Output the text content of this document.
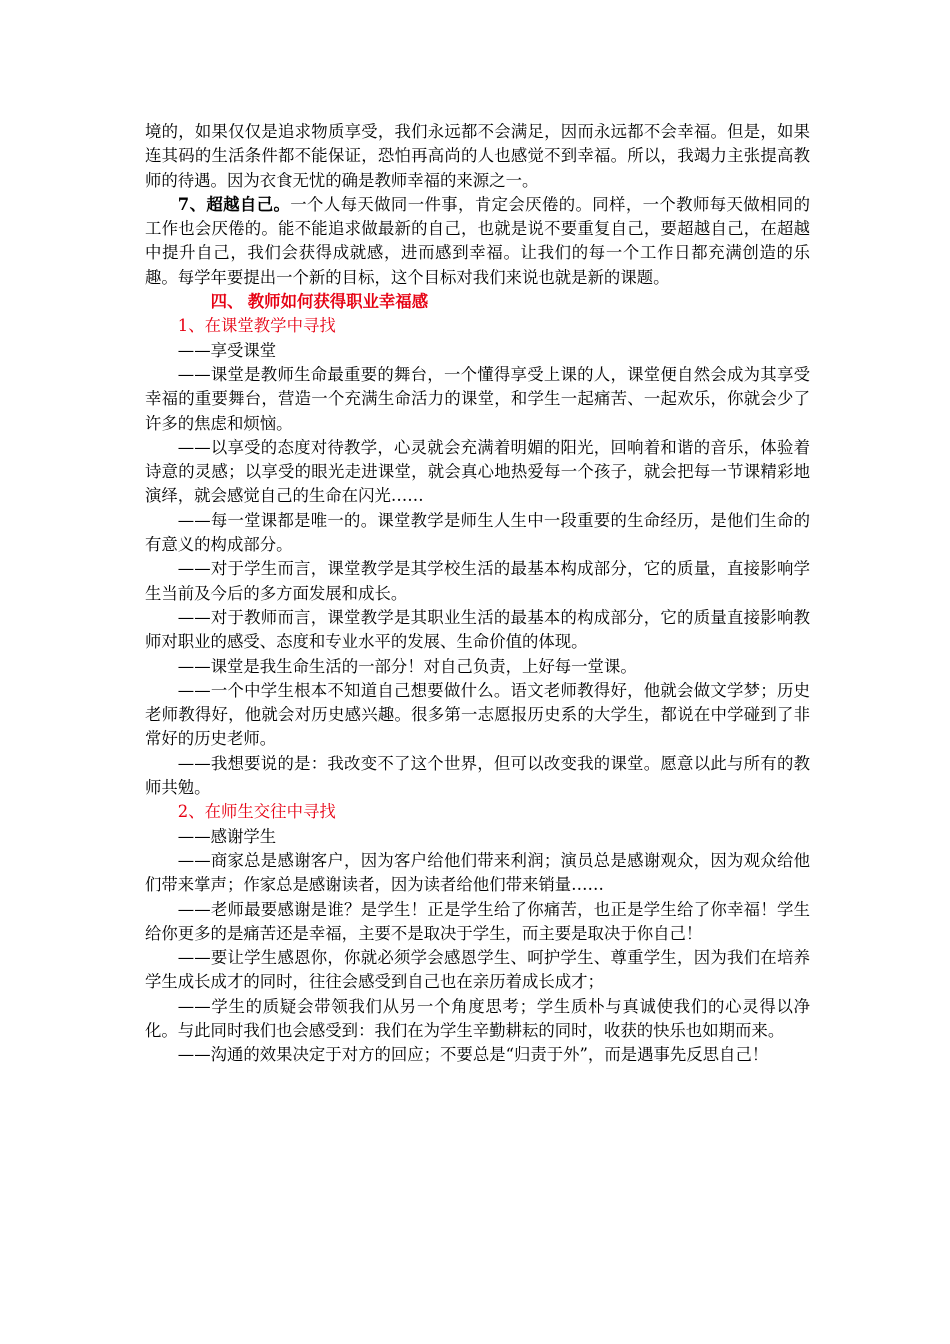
境的，如果仅仅是追求物质享受，我们永远都不会满足，因而永远都不会幸福。但是，如果连其码的生活条件都不能保证，恐怕再高尚的人也感觉不到幸福。所以，我竭力主张提高教师的待遇。因为衣食无忧的确是教师幸福的来源之一。

7、超越自己。一个人每天做同一件事，肯定会厌倦的。同样，一个教师每天做相同的工作也会厌倦的。能不能追求做最新的自己，也就是说不要重复自己，要超越自己，在超越中提升自己，我们会获得成就感，进而感到幸福。让我们的每一个工作日都充满创造的乐趣。每学年要提出一个新的目标，这个目标对我们来说也就是新的课题。

四、 教师如何获得职业幸福感

1、在课堂教学中寻找

——享受课堂

——课堂是教师生命最重要的舞台，一个懂得享受上课的人，课堂便自然会成为其享受幸福的重要舞台，营造一个充满生命活力的课堂，和学生一起痛苦、一起欢乐，你就会少了许多的焦虑和烦恼。

——以享受的态度对待教学，心灵就会充满着明媚的阳光，回响着和谐的音乐，体验着诗意的灵感；以享受的眼光走进课堂，就会真心地热爱每一个孩子，就会把每一节课精彩地演绎，就会感觉自己的生命在闪光……

——每一堂课都是唯一的。课堂教学是师生人生中一段重要的生命经历，是他们生命的有意义的构成部分。

——对于学生而言，课堂教学是其学校生活的最基本构成部分，它的质量，直接影响学生当前及今后的多方面发展和成长。

——对于教师而言，课堂教学是其职业生活的最基本的构成部分，它的质量直接影响教师对职业的感受、态度和专业水平的发展、生命价值的体现。

——课堂是我生命生活的一部分！对自己负责，上好每一堂课。

——一个中学生根本不知道自己想要做什么。语文老师教得好，他就会做文学梦；历史老师教得好，他就会对历史感兴趣。很多第一志愿报历史系的大学生，都说在中学碰到了非常好的历史老师。

——我想要说的是：我改变不了这个世界，但可以改变我的课堂。愿意以此与所有的教师共勉。

2、在师生交往中寻找

——感谢学生

——商家总是感谢客户，因为客户给他们带来利润；演员总是感谢观众，因为观众给他们带来掌声；作家总是感谢读者，因为读者给他们带来销量……

——老师最要感谢是谁？是学生！正是学生给了你痛苦，也正是学生给了你幸福！学生给你更多的是痛苦还是幸福，主要不是取决于学生，而主要是取决于你自己！

——要让学生感恩你，你就必须学会感恩学生、呵护学生、尊重学生，因为我们在培养学生成长成才的同时，往往会感受到自己也在亲历着成长成才；

——学生的质疑会带领我们从另一个角度思考；学生质朴与真诚使我们的心灵得以净化。与此同时我们也会感受到：我们在为学生辛勤耕耘的同时，收获的快乐也如期而来。

——沟通的效果决定于对方的回应；不要总是“归责于外”，而是遇事先反思自己！
